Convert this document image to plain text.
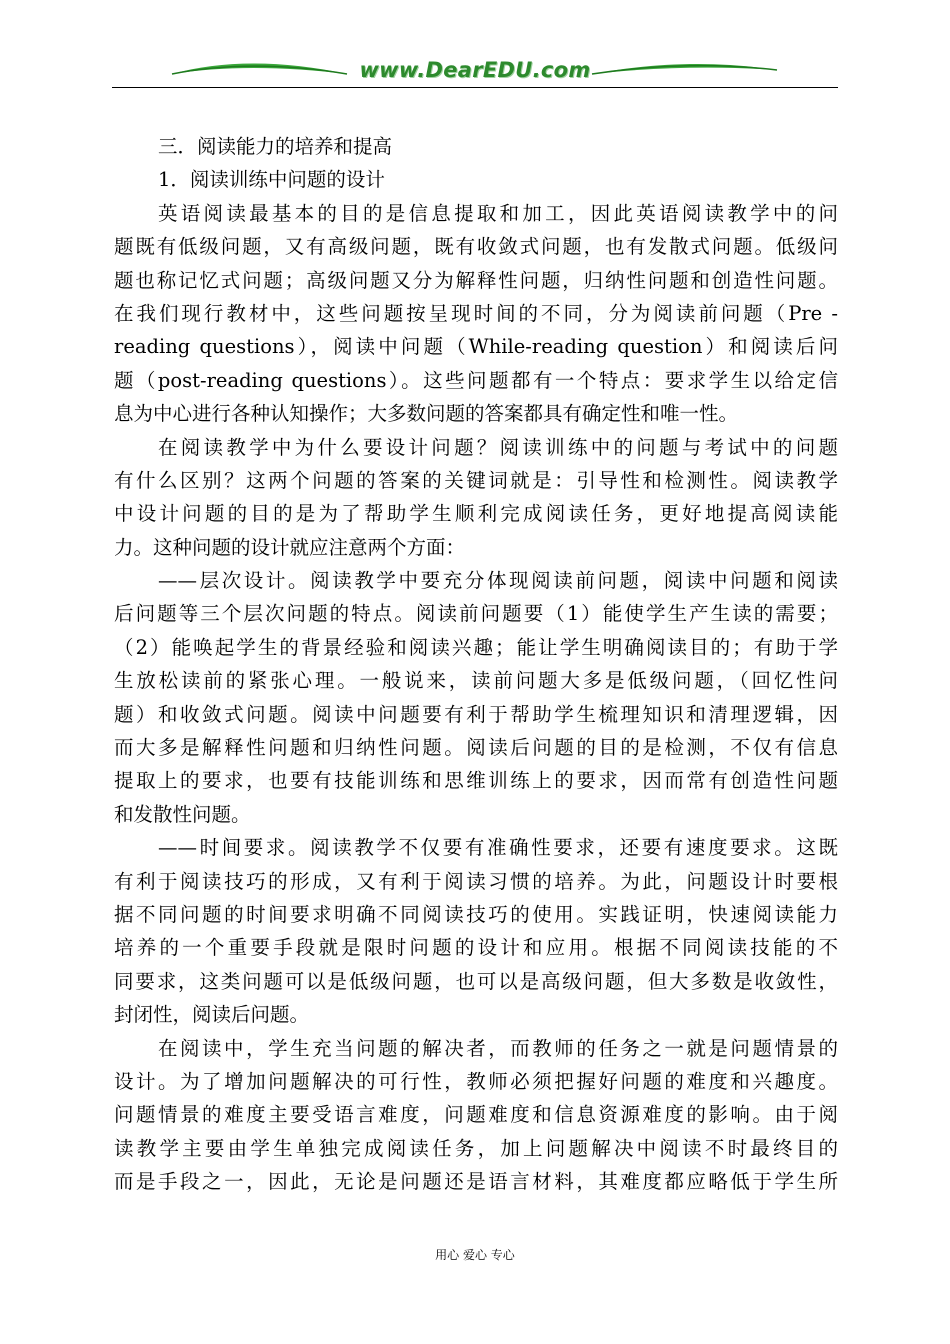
www.DearEDU.com
三．阅读能力的培养和提高
1．阅读训练中问题的设计
英语阅读最基本的目的是信息提取和加工，因此英语阅读教学中的问
题既有低级问题，又有高级问题，既有收敛式问题，也有发散式问题。低级问
题也称记忆式问题；高级问题又分为解释性问题，归纳性问题和创造性问题。
在我们现行教材中，这些问题按呈现时间的不同，分为阅读前问题（Pre -
reading questions），阅读中问题（While-reading question）和阅读后问
题（post-reading questions）。这些问题都有一个特点：要求学生以给定信
息为中心进行各种认知操作；大多数问题的答案都具有确定性和唯一性。
在阅读教学中为什么要设计问题？阅读训练中的问题与考试中的问题
有什么区别？这两个问题的答案的关键词就是：引导性和检测性。阅读教学
中设计问题的目的是为了帮助学生顺利完成阅读任务，更好地提高阅读能
力。这种问题的设计就应注意两个方面：
——层次设计。阅读教学中要充分体现阅读前问题，阅读中问题和阅读
后问题等三个层次问题的特点。阅读前问题要（1）能使学生产生读的需要；
（2）能唤起学生的背景经验和阅读兴趣；能让学生明确阅读目的；有助于学
生放松读前的紧张心理。一般说来，读前问题大多是低级问题，（回忆性问
题）和收敛式问题。阅读中问题要有利于帮助学生梳理知识和清理逻辑，因
而大多是解释性问题和归纳性问题。阅读后问题的目的是检测，不仅有信息
提取上的要求，也要有技能训练和思维训练上的要求，因而常有创造性问题
和发散性问题。
——时间要求。阅读教学不仅要有准确性要求，还要有速度要求。这既
有利于阅读技巧的形成，又有利于阅读习惯的培养。为此，问题设计时要根
据不同问题的时间要求明确不同阅读技巧的使用。实践证明，快速阅读能力
培养的一个重要手段就是限时问题的设计和应用。根据不同阅读技能的不
同要求，这类问题可以是低级问题，也可以是高级问题，但大多数是收敛性，
封闭性，阅读后问题。
在阅读中，学生充当问题的解决者，而教师的任务之一就是问题情景的
设计。为了增加问题解决的可行性，教师必须把握好问题的难度和兴趣度。
问题情景的难度主要受语言难度，问题难度和信息资源难度的影响。由于阅
读教学主要由学生单独完成阅读任务，加上问题解决中阅读不时最终目的
而是手段之一，因此，无论是问题还是语言材料，其难度都应略低于学生所
用心 爱心 专心
